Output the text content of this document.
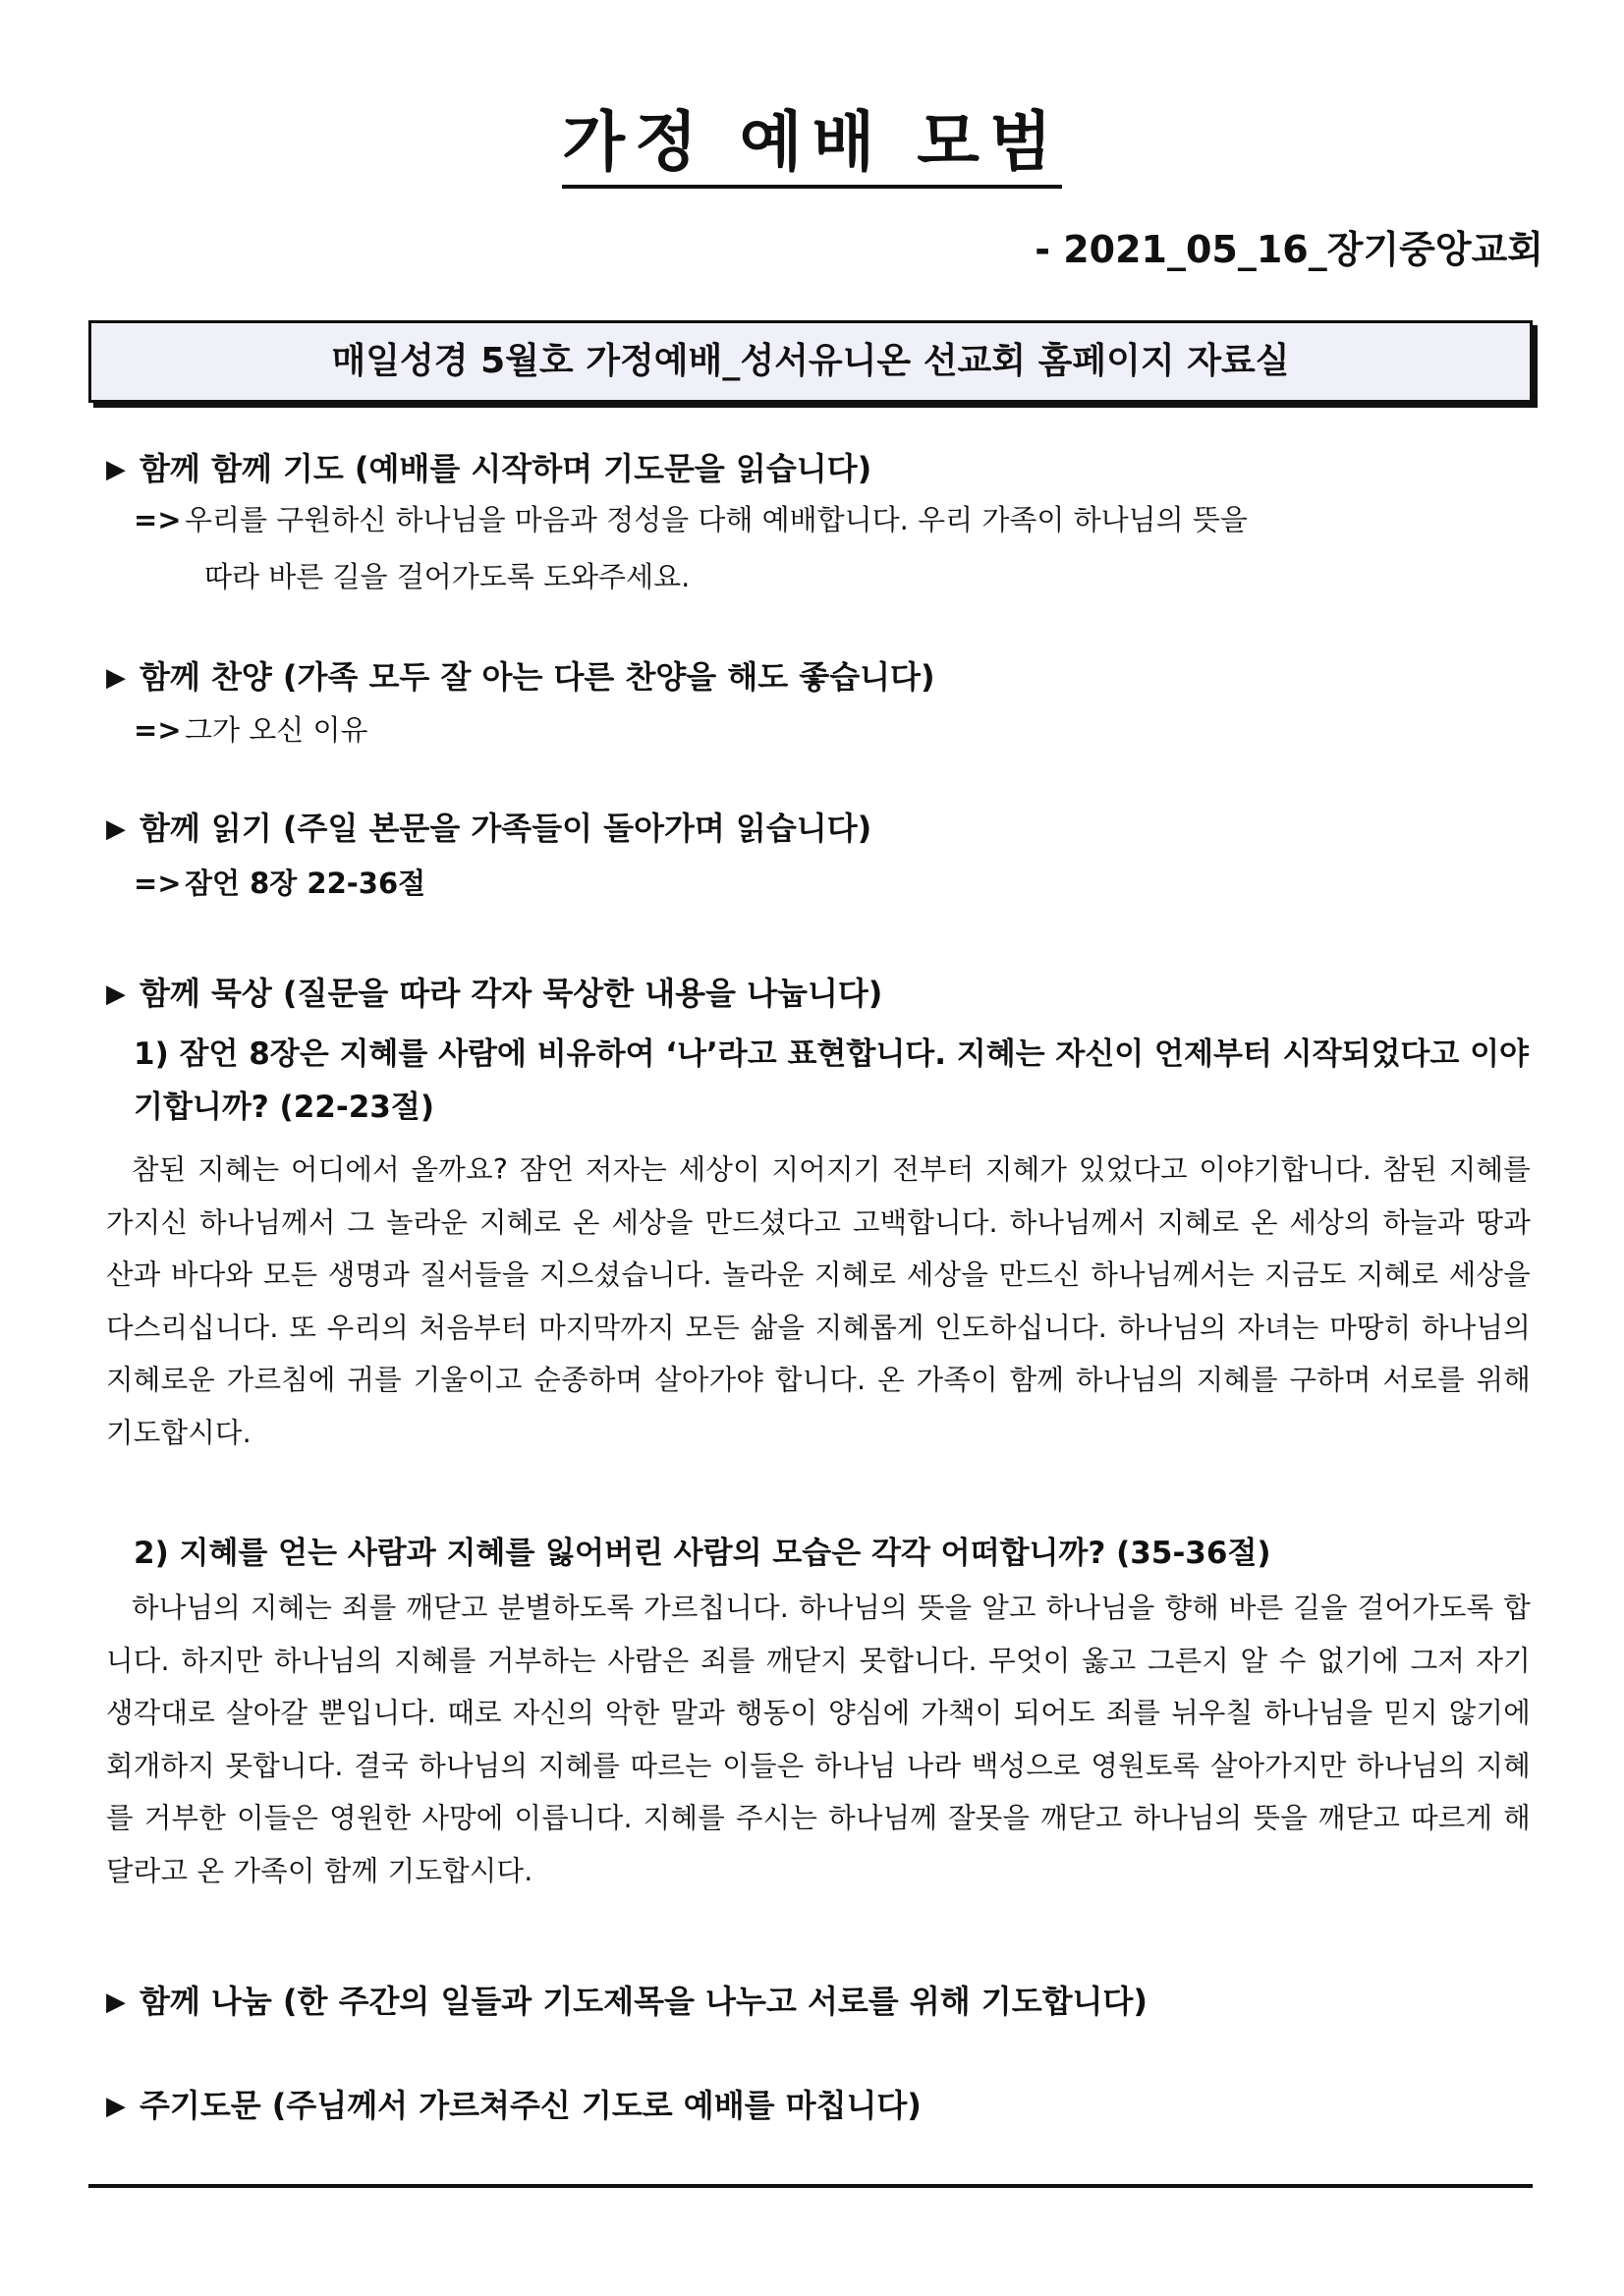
가정 예배 모범
- 2021_05_16_장기중앙교회
매일성경 5월호 가정예배_성서유니온 선교회 홈페이지 자료실
▶ 함께 함께 기도 (예배를 시작하며 기도문을 읽습니다)
=> 우리를 구원하신 하나님을 마음과 정성을 다해 예배합니다. 우리 가족이 하나님의 뜻을
따라 바른 길을 걸어가도록 도와주세요.
▶ 함께 찬양 (가족 모두 잘 아는 다른 찬양을 해도 좋습니다)
=> 그가 오신 이유
▶ 함께 읽기 (주일 본문을 가족들이 돌아가며 읽습니다)
=> 잠언 8장 22-36절
▶ 함께 묵상 (질문을 따라 각자 묵상한 내용을 나눕니다)
1) 잠언 8장은 지혜를 사람에 비유하여 ‘나’라고 표현합니다. 지혜는 자신이 언제부터 시작되었다고 이야기합니까? (22-23절)
참된 지혜는 어디에서 올까요? 잠언 저자는 세상이 지어지기 전부터 지혜가 있었다고 이야기합니다. 참된 지혜를 가지신 하나님께서 그 놀라운 지혜로 온 세상을 만드셨다고 고백합니다. 하나님께서 지혜로 온 세상의 하늘과 땅과 산과 바다와 모든 생명과 질서들을 지으셨습니다. 놀라운 지혜로 세상을 만드신 하나님께서는 지금도 지혜로 세상을 다스리십니다. 또 우리의 처음부터 마지막까지 모든 삶을 지혜롭게 인도하십니다. 하나님의 자녀는 마땅히 하나님의 지혜로운 가르침에 귀를 기울이고 순종하며 살아가야 합니다. 온 가족이 함께 하나님의 지혜를 구하며 서로를 위해 기도합시다.
2) 지혜를 얻는 사람과 지혜를 잃어버린 사람의 모습은 각각 어떠합니까? (35-36절)
하나님의 지혜는 죄를 깨닫고 분별하도록 가르칩니다. 하나님의 뜻을 알고 하나님을 향해 바른 길을 걸어가도록 합니다. 하지만 하나님의 지혜를 거부하는 사람은 죄를 깨닫지 못합니다. 무엇이 옳고 그른지 알 수 없기에 그저 자기 생각대로 살아갈 뿐입니다. 때로 자신의 악한 말과 행동이 양심에 가책이 되어도 죄를 뉘우칠 하나님을 믿지 않기에 회개하지 못합니다. 결국 하나님의 지혜를 따르는 이들은 하나님 나라 백성으로 영원토록 살아가지만 하나님의 지혜를 거부한 이들은 영원한 사망에 이릅니다. 지혜를 주시는 하나님께 잘못을 깨닫고 하나님의 뜻을 깨닫고 따르게 해달라고 온 가족이 함께 기도합시다.
▶ 함께 나눔 (한 주간의 일들과 기도제목을 나누고 서로를 위해 기도합니다)
▶ 주기도문 (주님께서 가르쳐주신 기도로 예배를 마칩니다)
